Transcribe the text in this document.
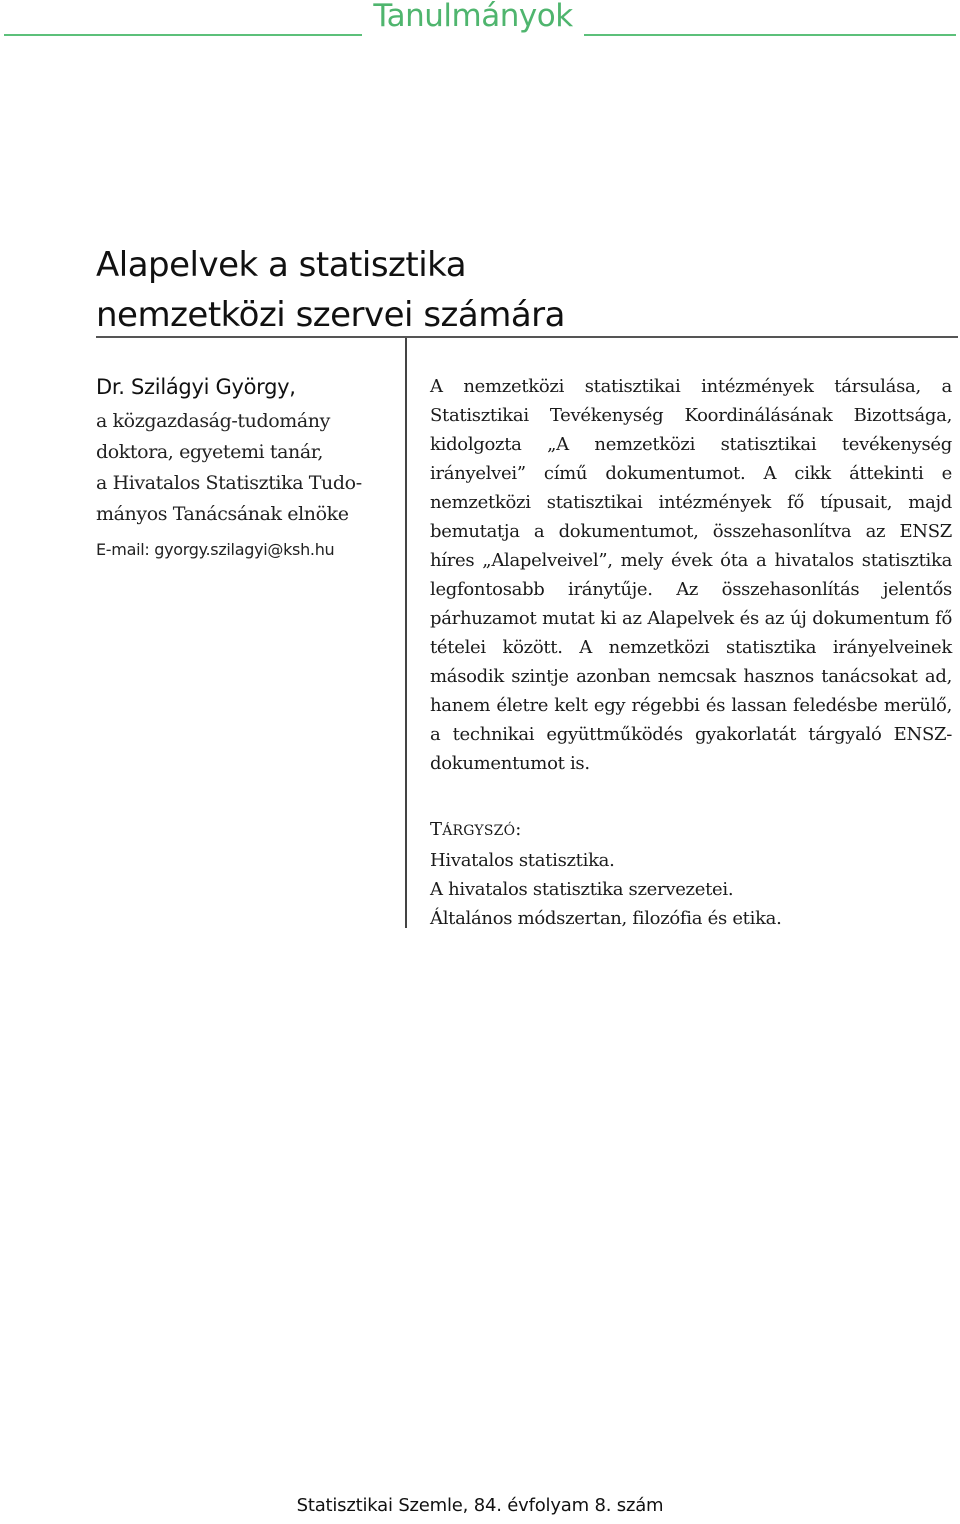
Tanulmányok
Alapelvek a statisztika
nemzetközi szervei számára
Dr. Szilágyi György,
a közgazdaság-tudomány
doktora, egyetemi tanár,
a Hivatalos Statisztika Tudo-
mányos Tanácsának elnöke
E-mail: gyorgy.szilagyi@ksh.hu

A nemzetközi statisztikai intézmények társulása, a Statisztikai Tevékenység Koordinálásának Bizottsága, kidolgozta „A nemzetközi statisztikai tevékenység irányelvei” című dokumentumot. A cikk áttekinti e nemzetközi statisztikai intézmények fő típusait, majd bemutatja a dokumentumot, összehasonlítva az ENSZ híres „Alapelveivel”, mely évek óta a hivatalos statisztika legfontosabb iránytűje. Az összehasonlítás jelentős párhuzamot mutat ki az Alapelvek és az új dokumentum fő tételei között. A nemzetközi statisztika irányelveinek második szintje azonban nemcsak hasznos tanácsokat ad, hanem életre kelt egy régebbi és lassan feledésbe merülő, a technikai együttműködés gyakorlatát tárgyaló ENSZ-dokumentumot is.

TÁRGYSZÓ:
Hivatalos statisztika.
A hivatalos statisztika szervezetei.
Általános módszertan, filozófia és etika.
Statisztikai Szemle, 84. évfolyam 8. szám
